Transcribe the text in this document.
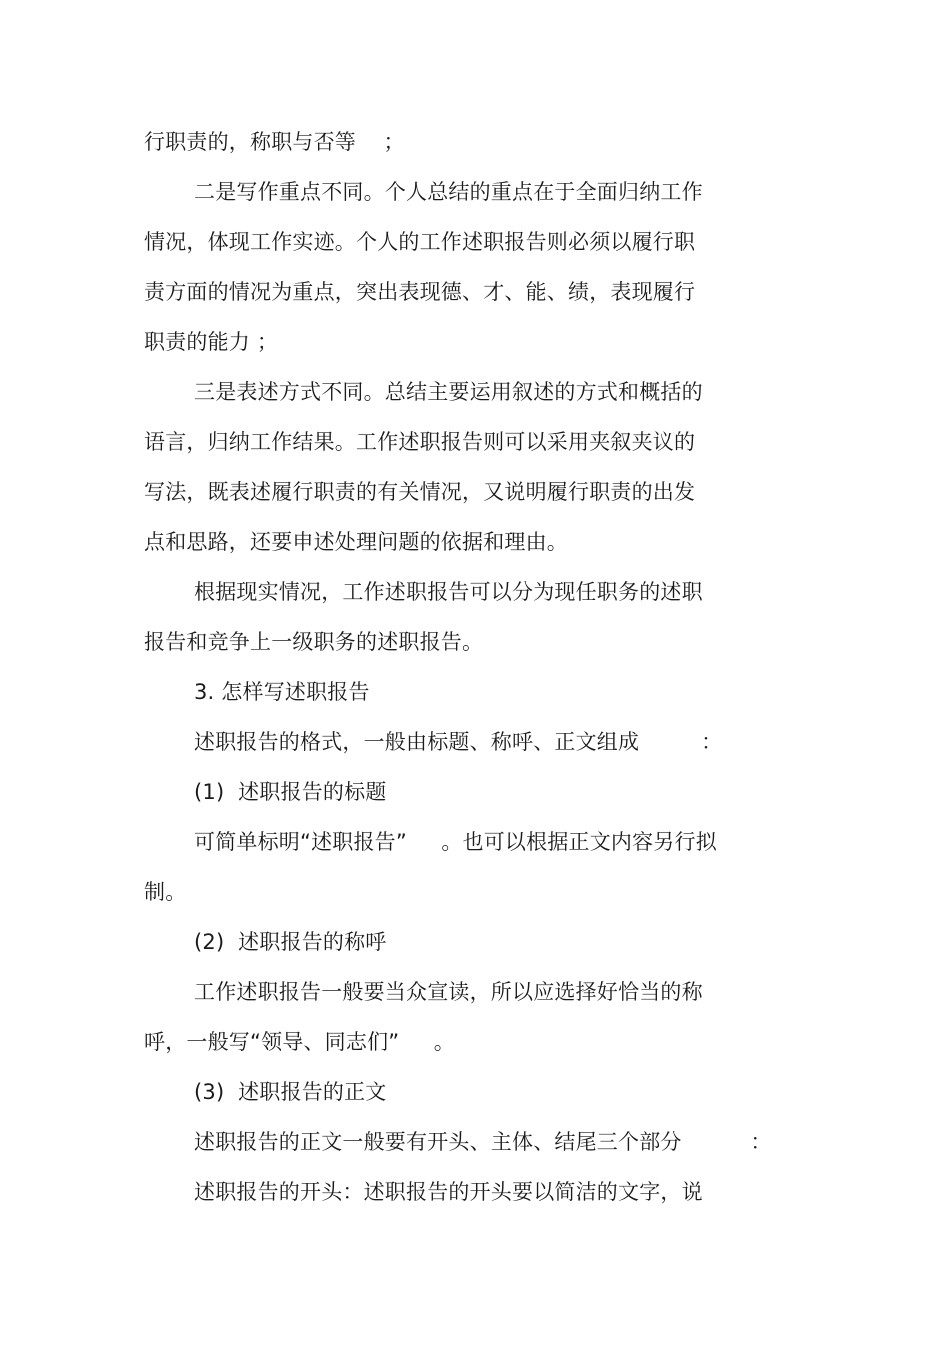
行职责的，称职与否等    ；
二是写作重点不同。个人总结的重点在于全面归纳工作
情况，体现工作实迹。个人的工作述职报告则必须以履行职
责方面的情况为重点，突出表现德、才、能、绩，表现履行
职责的能力 ；
三是表述方式不同。总结主要运用叙述的方式和概括的
语言，归纳工作结果。工作述职报告则可以采用夹叙夹议的
写法，既表述履行职责的有关情况，又说明履行职责的出发
点和思路，还要申述处理问题的依据和理由。
根据现实情况，工作述职报告可以分为现任职务的述职
报告和竞争上一级职务的述职报告。
3. 怎样写述职报告
述职报告的格式，一般由标题、称呼、正文组成         ：
(1)  述职报告的标题
可简单标明“述职报告”     。也可以根据正文内容另行拟
制。
(2)  述职报告的称呼
工作述职报告一般要当众宣读，所以应选择好恰当的称
呼，一般写“领导、同志们”     。
(3)  述职报告的正文
述职报告的正文一般要有开头、主体、结尾三个部分          ：
述职报告的开头：述职报告的开头要以简洁的文字，说
